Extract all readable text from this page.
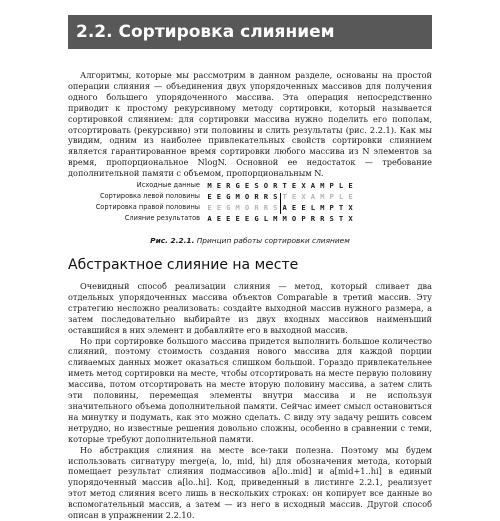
2.2. Сортировка слиянием

Алгоритмы, которые мы рассмотрим в данном разделе, основаны на простой операции слияния — объединения двух упорядоченных массивов для получения одного большего упорядоченного массива. Эта операция непосредственно приводит к простому рекурсивному методу сортировки, который называется сортировкой слиянием: для сортировки массива нужно поделить его пополам, отсортировать (рекурсивно) эти половины и слить результаты (рис. 2.2.1). Как мы увидим, одним из наиболее привлекательных свойств сортировки слиянием является гарантированное время сортировки любого массива из N элементов за время, пропорциональное NlogN. Основной ее недостаток — требование дополнительной памяти с объемом, пропорциональным N.

Исходные данные	M E R G E S O R T E X A M P L E
Сортировка левой половины	E E G M O R R S T E X A M P L E
Сортировка правой половины	E E G M O R R S A E E L M P T X
Слияние результатов	A E E E E G L M M O P R R S T X
Рис. 2.2.1. Принцип работы сортировки слиянием
Абстрактное слияние на месте

Очевидный способ реализации слияния — метод, который сливает два отдельных упорядоченных массива объектов Comparable в третий массив. Эту стратегию несложно реализовать: создайте выходной массив нужного размера, а затем последовательно выбирайте из двух входных массивов наименьший оставшийся в них элемент и добавляйте его в выходной массив.

Но при сортировке большого массива придется выполнить большое количество слияний, поэтому стоимость создания нового массива для каждой порции сливаемых данных может оказаться слишком большой. Гораздо привлекательнее иметь метод сортировки на месте, чтобы отсортировать на месте первую половину массива, потом отсортировать на месте вторую половину массива, а затем слить эти половины, перемещая элементы внутри массива и не используя значительного объема дополнительной памяти. Сейчас имеет смысл остановиться на минутку и подумать, как это можно сделать. С виду эту задачу решить совсем нетрудно, но известные решения довольно сложны, особенно в сравнении с теми, которые требуют дополнительной памяти.

Но абстракция слияния на месте все-таки полезна. Поэтому мы будем использовать сигнатуру merge(a, lo, mid, hi) для обозначения метода, который помещает результат слияния подмассивов a[lo..mid] и a[mid+1..hi] в единый упорядоченный массив a[lo..hi]. Код, приведенный в листинге 2.2.1, реализует этот метод слияния всего лишь в нескольких строках: он копирует все данные во вспомогательный массив, а затем — из него в исходный массив. Другой способ описан в упражнении 2.2.10.
